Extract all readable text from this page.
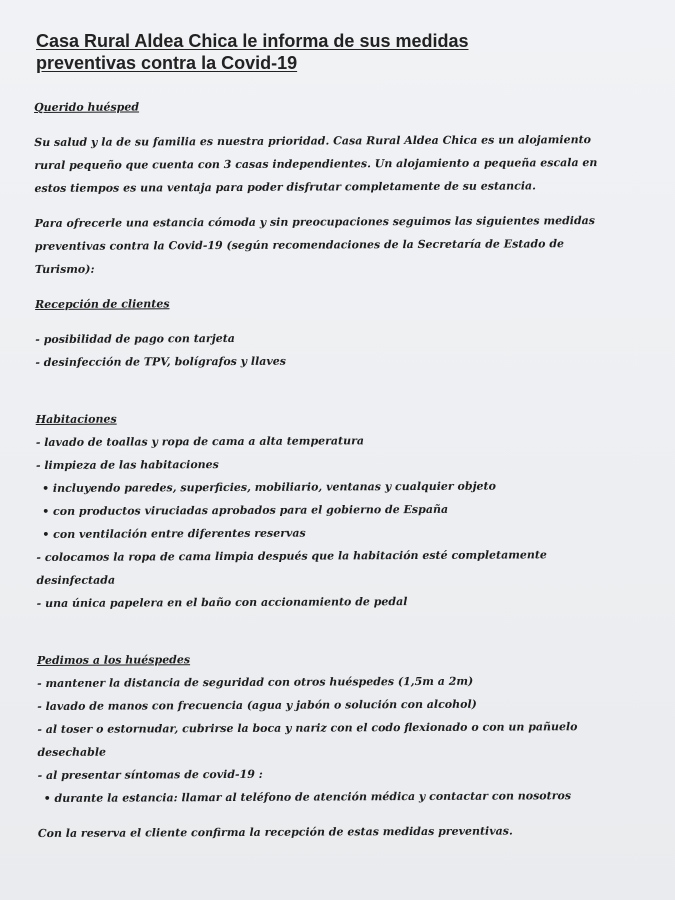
Casa Rural Aldea Chica le informa de sus medidas
preventivas contra la Covid-19

Querido huésped

Su salud y la de su familia es nuestra prioridad. Casa Rural Aldea Chica es un alojamiento
rural pequeño que cuenta con 3 casas independientes. Un alojamiento a pequeña escala en
estos tiempos es una ventaja para poder disfrutar completamente de su estancia.

Para ofrecerle una estancia cómoda y sin preocupaciones seguimos las siguientes medidas
preventivas contra la Covid-19 (según recomendaciones de la Secretaría de Estado de
Turismo):

Recepción de clientes

- posibilidad de pago con tarjeta

- desinfección de TPV, bolígrafos y llaves

Habitaciones

- lavado de toallas y ropa de cama a alta temperatura

- limpieza de las habitaciones

• incluyendo paredes, superficies, mobiliario, ventanas y cualquier objeto

• con productos viruciadas aprobados para el gobierno de España

• con ventilación entre diferentes reservas

- colocamos la ropa de cama limpia después que la habitación esté completamente

desinfectada

- una única papelera en el baño con accionamiento de pedal

Pedimos a los huéspedes

- mantener la distancia de seguridad con otros huéspedes (1,5m a 2m)

- lavado de manos con frecuencia (agua y jabón o solución con alcohol)

- al toser o estornudar, cubrirse la boca y nariz con el codo flexionado o con un pañuelo

desechable

- al presentar síntomas de covid-19 :

• durante la estancia: llamar al teléfono de atención médica y contactar con nosotros

Con la reserva el cliente confirma la recepción de estas medidas preventivas.
